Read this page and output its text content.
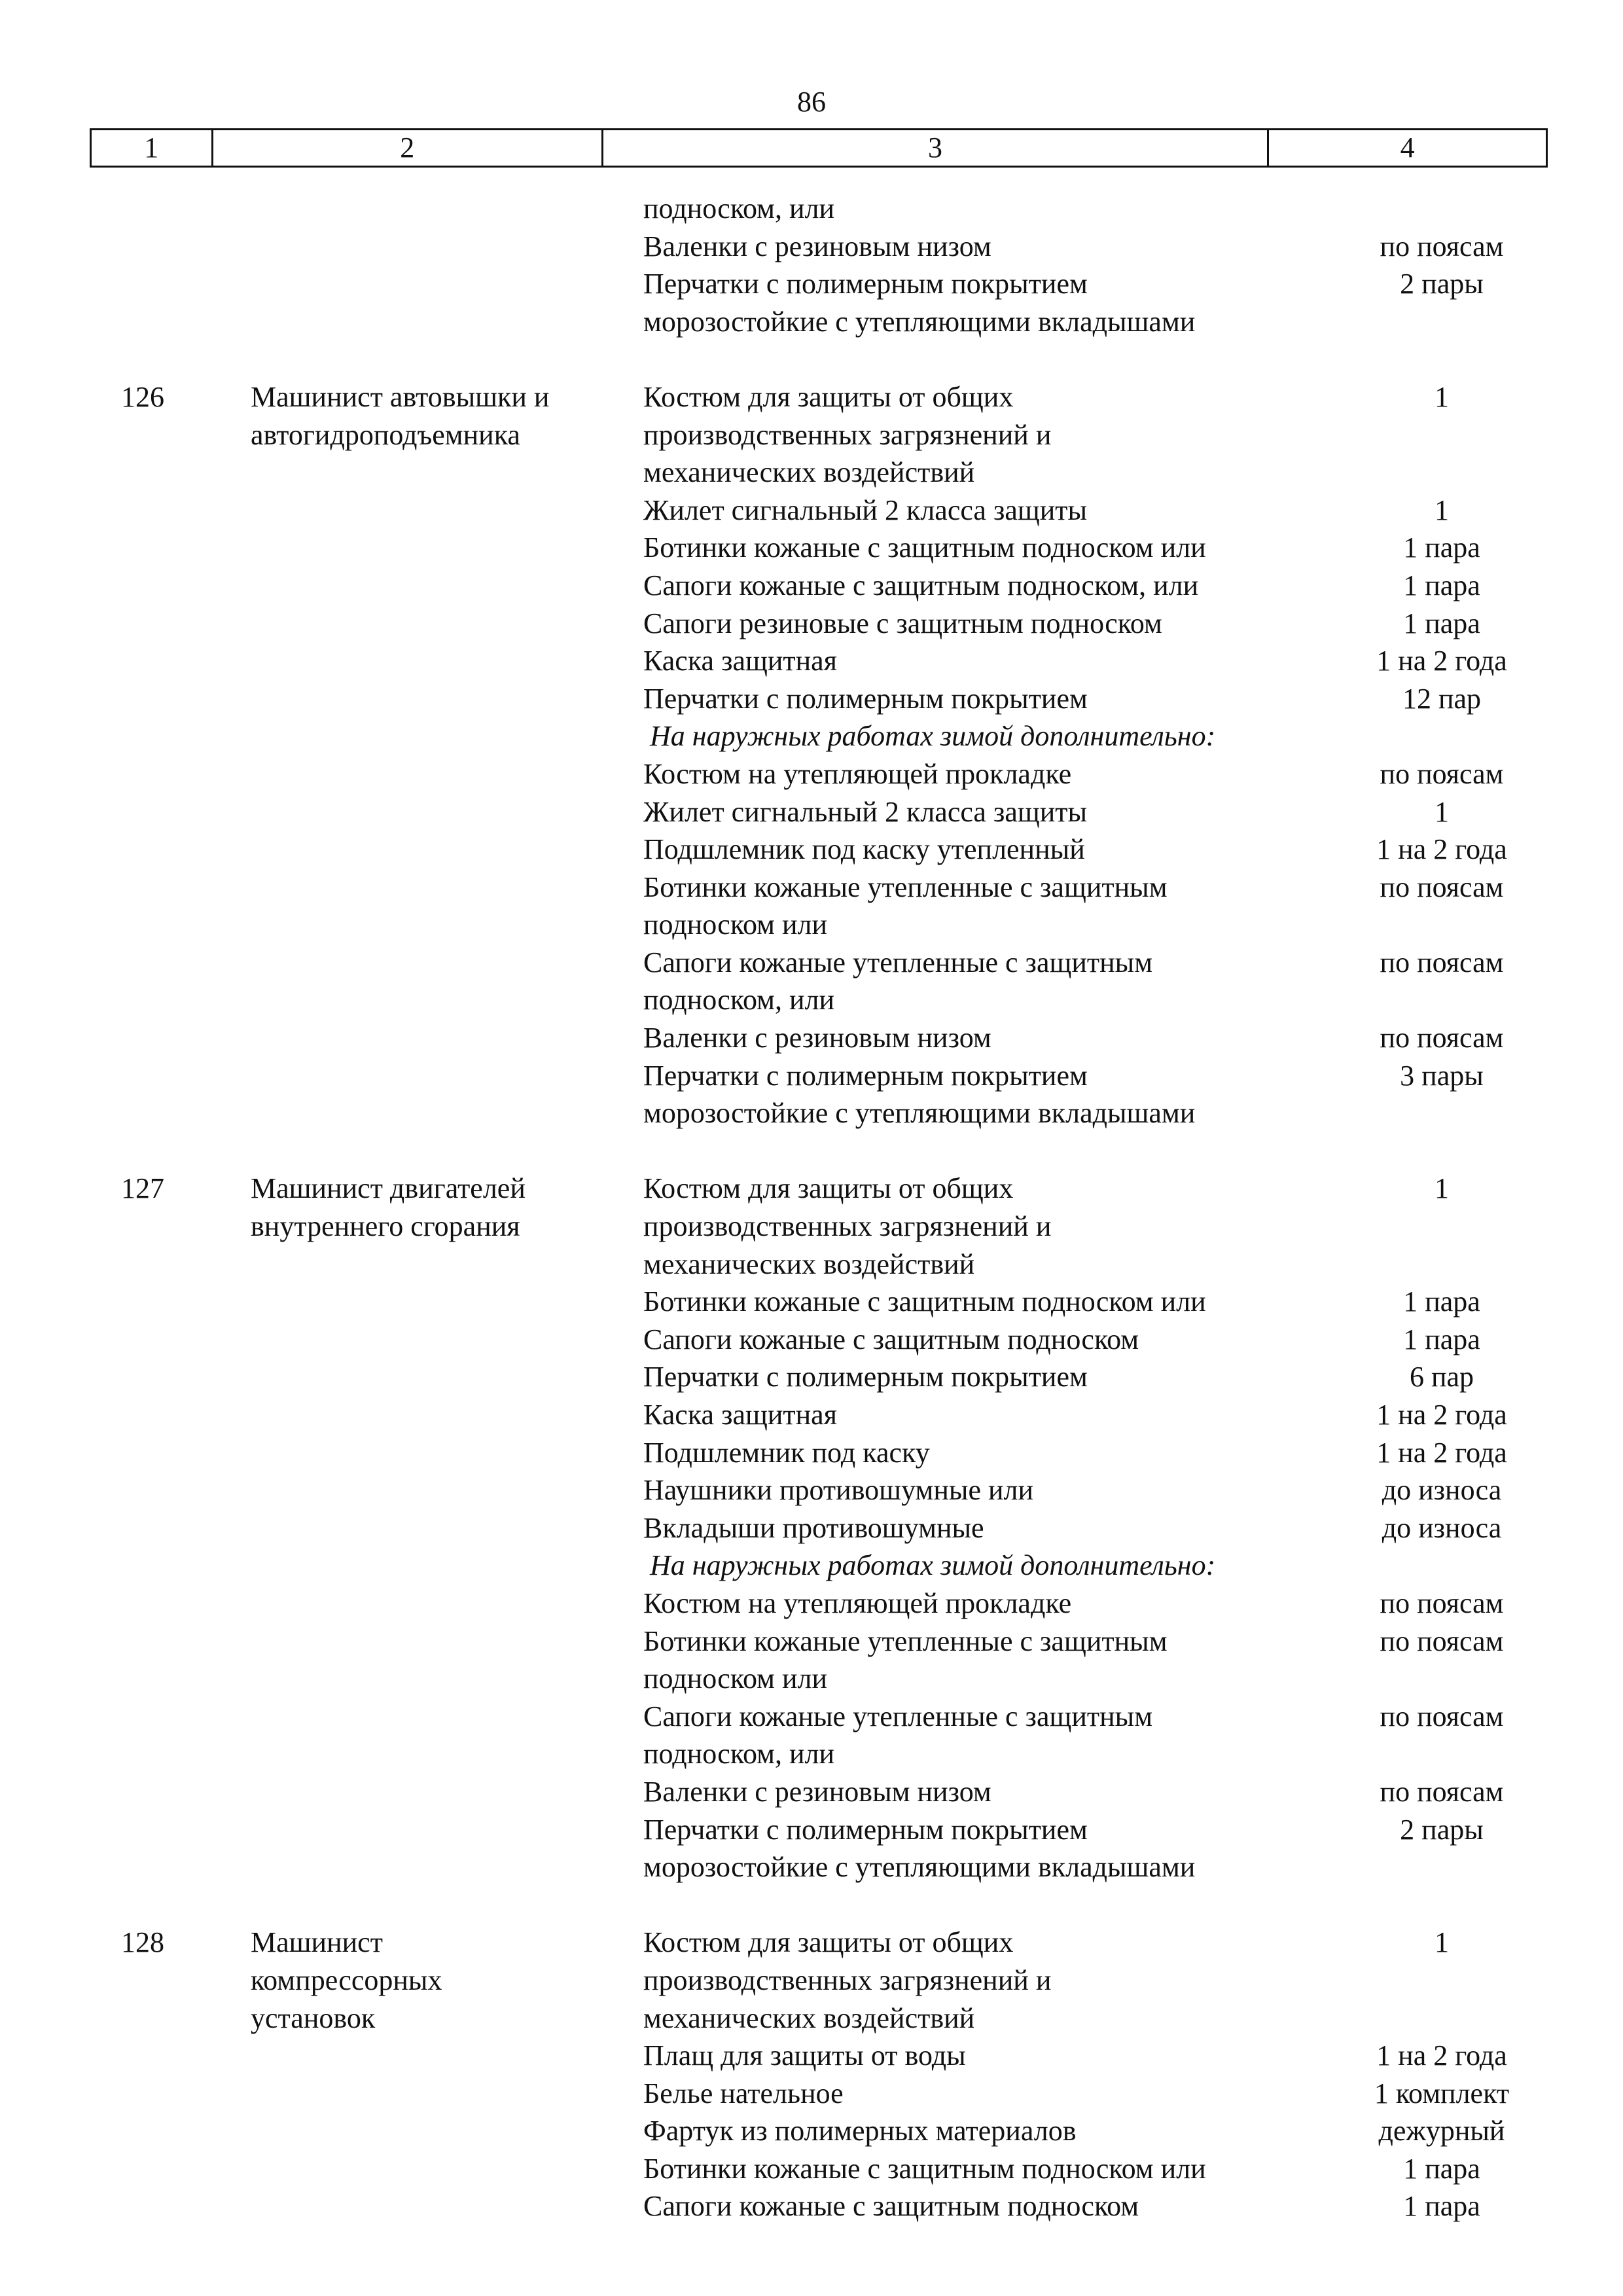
86
1	2	3	4
подноском, или
Валенки с резиновым низом	по поясам
Перчатки с полимерным покрытием	2 пары
морозостойкие с утепляющими вкладышами
126	Машинист автовышки и	Костюм для защиты от общих	1
автогидроподъемника	производственных загрязнений и
механических воздействий
Жилет сигнальный 2 класса защиты	1
Ботинки кожаные с защитным подноском или	1 пара
Сапоги кожаные с защитным подноском, или	1 пара
Сапоги резиновые с защитным подноском	1 пара
Каска защитная	1 на 2 года
Перчатки с полимерным покрытием	12 пар
На наружных работах зимой дополнительно:
Костюм на утепляющей прокладке	по поясам
Жилет сигнальный 2 класса защиты	1
Подшлемник под каску утепленный	1 на 2 года
Ботинки кожаные утепленные с защитным	по поясам
подноском или
Сапоги кожаные утепленные с защитным	по поясам
подноском, или
Валенки с резиновым низом	по поясам
Перчатки с полимерным покрытием	3 пары
морозостойкие с утепляющими вкладышами
127	Машинист двигателей	Костюм для защиты от общих	1
внутреннего сгорания	производственных загрязнений и
механических воздействий
Ботинки кожаные с защитным подноском или	1 пара
Сапоги кожаные с защитным подноском	1 пара
Перчатки с полимерным покрытием	6 пар
Каска защитная	1 на 2 года
Подшлемник под каску	1 на 2 года
Наушники противошумные или	до износа
Вкладыши противошумные	до износа
На наружных работах зимой дополнительно:
Костюм на утепляющей прокладке	по поясам
Ботинки кожаные утепленные с защитным	по поясам
подноском или
Сапоги кожаные утепленные с защитным	по поясам
подноском, или
Валенки с резиновым низом	по поясам
Перчатки с полимерным покрытием	2 пары
морозостойкие с утепляющими вкладышами
128	Машинист	Костюм для защиты от общих	1
компрессорных	производственных загрязнений и
установок	механических воздействий
Плащ для защиты от воды	1 на 2 года
Белье нательное	1 комплект
Фартук из полимерных материалов	дежурный
Ботинки кожаные с защитным подноском или	1 пара
Сапоги кожаные с защитным подноском	1 пара
